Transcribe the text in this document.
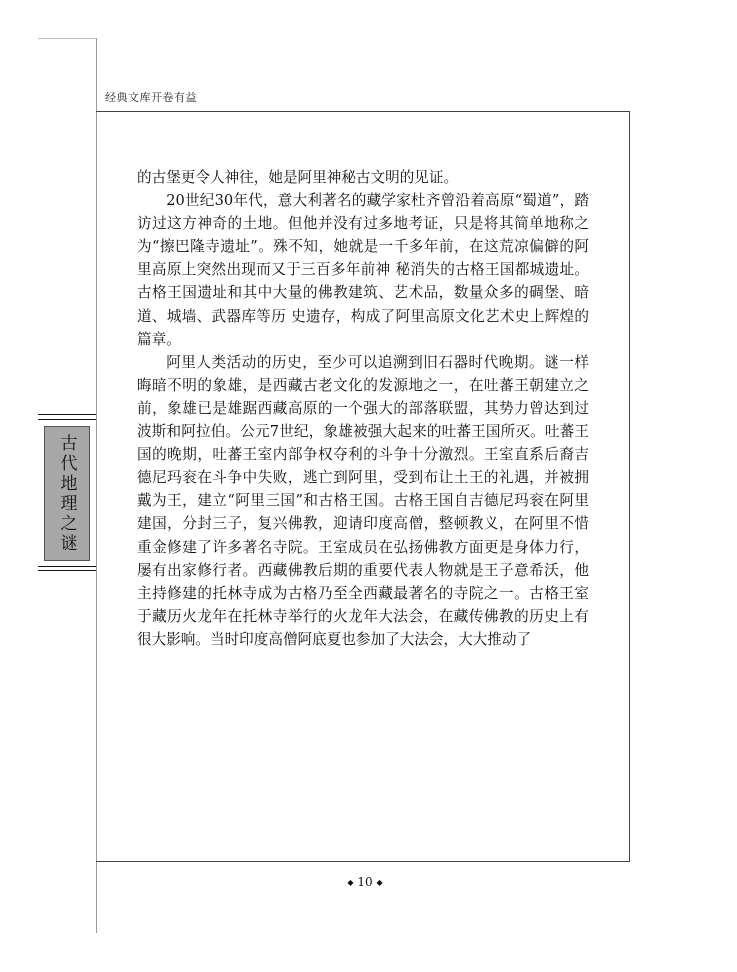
经典文库开卷有益

的古堡更令人神往，她是阿里神秘古文明的见证。

20世纪30年代，意大利著名的藏学家杜齐曾沿着高原“蜀道”，踏访过这方神奇的土地。但他并没有过多地考证，只是将其简单地称之为“擦巴隆寺遗址”。殊不知，她就是一千多年前，在这荒凉偏僻的阿里高原上突然出现而又于三百多年前神 秘消失的古格王国都城遗址。古格王国遗址和其中大量的佛教建筑、艺术品，数量众多的碉堡、暗道、城墙、武器库等历 史遗存，构成了阿里高原文化艺术史上辉煌的篇章。

阿里人类活动的历史，至少可以追溯到旧石器时代晚期。谜一样晦暗不明的象雄，是西藏古老文化的发源地之一，在吐蕃王朝建立之前，象雄已是雄踞西藏高原的一个强大的部落联盟，其势力曾达到过波斯和阿拉伯。公元7世纪，象雄被强大起来的吐蕃王国所灭。吐蕃王国的晚期，吐蕃王室内部争权夺利的斗争十分激烈。王室直系后裔吉德尼玛衮在斗争中失败，逃亡到阿里，受到布让土王的礼遇，并被拥戴为王，建立“阿里三国”和古格王国。古格王国自吉德尼玛衮在阿里建国，分封三子，复兴佛教，迎请印度高僧，整顿教义，在阿里不惜重金修建了许多著名寺院。王室成员在弘扬佛教方面更是身体力行，屡有出家修行者。西藏佛教后期的重要代表人物就是王子意希沃，他主持修建的托林寺成为古格乃至全西藏最著名的寺院之一。古格王室于藏历火龙年在托林寺举行的火龙年大法会，在藏传佛教的历史上有很大影响。当时印度高僧阿底夏也参加了大法会，大大推动了

古代地理之谜
◆ 10 ◆
